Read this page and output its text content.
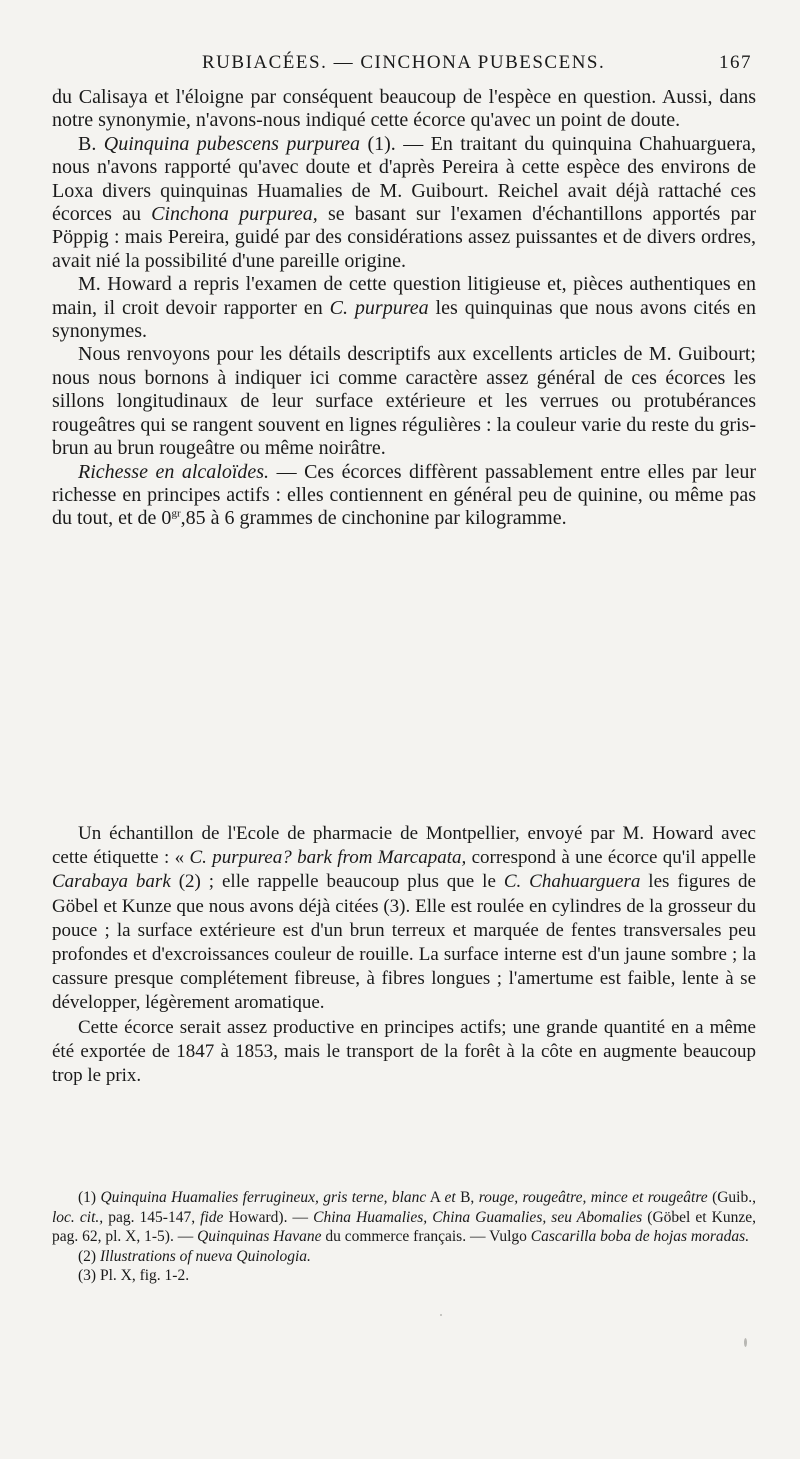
RUBIACÉES. — CINCHONA PUBESCENS.	167

du Calisaya et l'éloigne par conséquent beaucoup de l'espèce en question. Aussi, dans notre synonymie, n'avons-nous indiqué cette écorce qu'avec un point de doute.

B. Quinquina pubescens purpurea (1). — En traitant du quinquina Chahuarguera, nous n'avons rapporté qu'avec doute et d'après Pereira à cette espèce des environs de Loxa divers quinquinas Huamalies de M. Guibourt. Reichel avait déjà rattaché ces écorces au Cinchona purpurea, se basant sur l'examen d'échantillons apportés par Pöppig : mais Pereira, guidé par des considérations assez puissantes et de divers ordres, avait nié la possibilité d'une pareille origine.

M. Howard a repris l'examen de cette question litigieuse et, pièces authentiques en main, il croit devoir rapporter en C. purpurea les quinquinas que nous avons cités en synonymes.

Nous renvoyons pour les détails descriptifs aux excellents articles de M. Guibourt; nous nous bornons à indiquer ici comme caractère assez général de ces écorces les sillons longitudinaux de leur surface extérieure et les verrues ou protubérances rougeâtres qui se rangent souvent en lignes régulières : la couleur varie du reste du gris-brun au brun rougeâtre ou même noirâtre.

Richesse en alcaloïdes. — Ces écorces diffèrent passablement entre elles par leur richesse en principes actifs : elles contiennent en général peu de quinine, ou même pas du tout, et de $0^{gr},85$ à 6 grammes de cinchonine par kilogramme.

Un échantillon de l'Ecole de pharmacie de Montpellier, envoyé par M. Howard avec cette étiquette : « C. purpurea? bark from Marcapata, correspond à une écorce qu'il appelle Carabaya bark (2) ; elle rappelle beaucoup plus que le C. Chahuarguera les figures de Göbel et Kunze que nous avons déjà citées (3). Elle est roulée en cylindres de la grosseur du pouce ; la surface extérieure est d'un brun terreux et marquée de fentes transversales peu profondes et d'excroissances couleur de rouille. La surface interne est d'un jaune sombre ; la cassure presque complétement fibreuse, à fibres longues ; l'amertume est faible, lente à se développer, légèrement aromatique.

Cette écorce serait assez productive en principes actifs; une grande quantité en a même été exportée de 1847 à 1853, mais le transport de la forêt à la côte en augmente beaucoup trop le prix.

(1) Quinquina Huamalies ferrugineux, gris terne, blanc A et B, rouge, rougeâtre, mince et rougeâtre (Guib., loc. cit., pag. 145-147, fide Howard). — China Huamalies, China Guamalies, seu Abomalies (Göbel et Kunze, pag. 62, pl. X, 1-5). — Quinquinas Havane du commerce français. — Vulgo Cascarilla boba de hojas moradas.

(2) Illustrations of nueva Quinologia.

(3) Pl. X, fig. 1-2.
